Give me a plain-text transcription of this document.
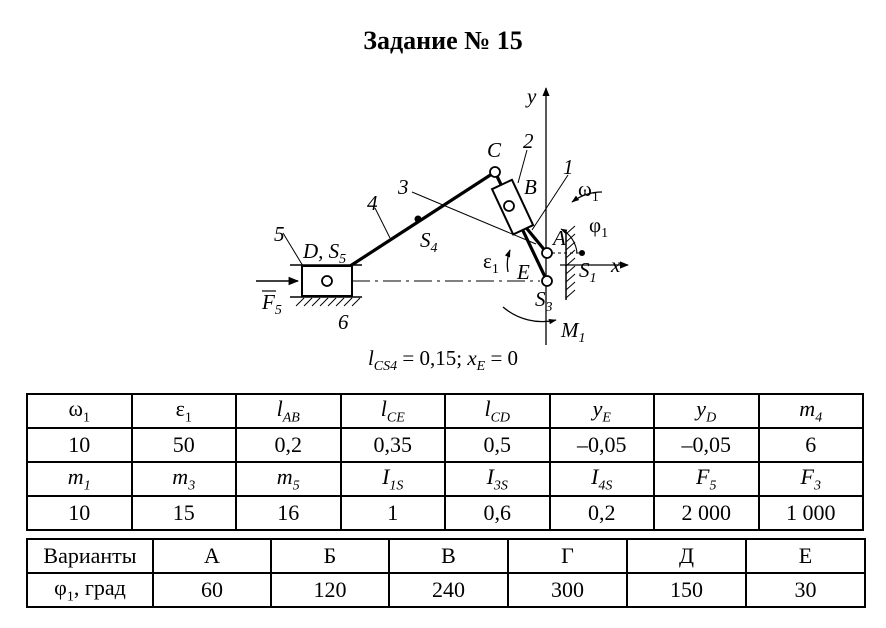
Задание № 15
y
x
C
B
A
E
D, $S_5$
$S_4$
$S_3$
$S_1$
$M_1$
$F_5$
$\omega_1$
$\varphi_1$
$\varepsilon_1$
1
2
3
4
5
6
$l_{CS4} = 0,15$; $x_E = 0$
$\omega_1$	$\varepsilon_1$	$l_{AB}$	$l_{CE}$	$l_{CD}$	$y_E$	$y_D$	$m_4$
10	50	0,2	0,35	0,5	–0,05	–0,05	6
$m_1$	$m_3$	$m_5$	$I_{1S}$	$I_{3S}$	$I_{4S}$	$F_5$	$F_3$
10	15	16	1	0,6	0,2	2 000	1 000
Варианты	А	Б	В	Г	Д	Е
$\varphi_1$, град	60	120	240	300	150	30
